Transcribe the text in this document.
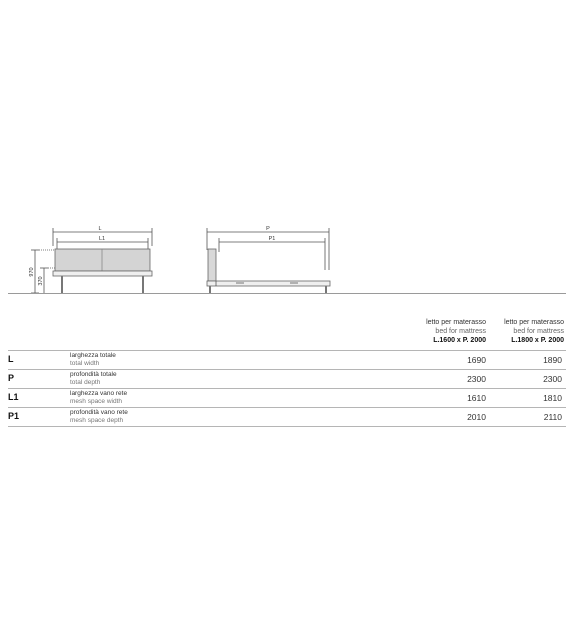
L
L1
970
370
P
P1
letto per materasso
bed for mattress
L.1600 x P. 2000
letto per materasso
bed for mattress
L.1800 x P. 2000
L	larghezza totale
total width	1690	1890
P	profondità totale
total depth	2300	2300
L1	larghezza vano rete
mesh space width	1610	1810
P1	profondità vano rete
mesh space depth	2010	2110
